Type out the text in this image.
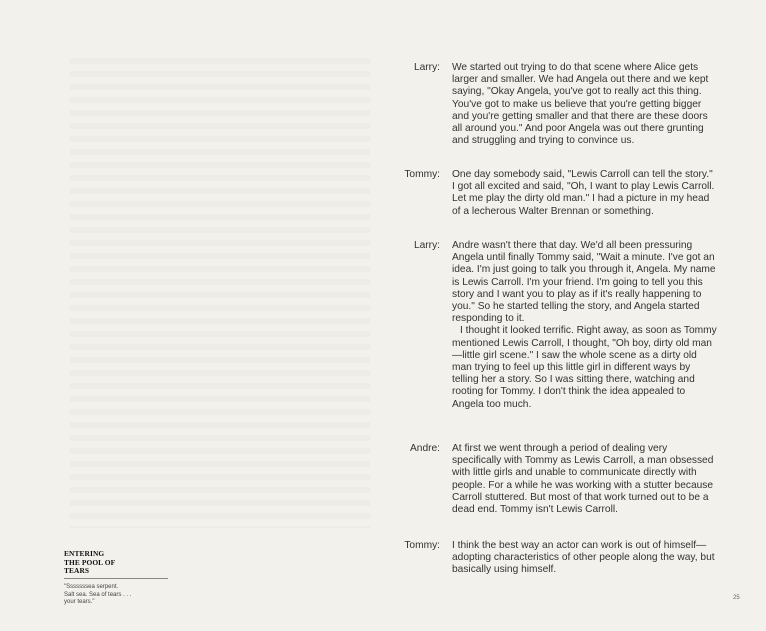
Larry: We started out trying to do that scene where Alice gets larger and smaller. We had Angela out there and we kept saying, "Okay Angela, you've got to really act this thing. You've got to make us believe that you're getting bigger and you're getting smaller and that there are these doors all around you." And poor Angela was out there grunting and struggling and trying to convince us.

Tommy: One day somebody said, "Lewis Carroll can tell the story." I got all excited and said, "Oh, I want to play Lewis Carroll. Let me play the dirty old man." I had a picture in my head of a lecherous Walter Brennan or something.

Larry: Andre wasn't there that day. We'd all been pressuring Angela until finally Tommy said, "Wait a minute. I've got an idea. I'm just going to talk you through it, Angela. My name is Lewis Carroll. I'm your friend. I'm going to tell you this story and I want you to play as if it's really happening to you." So he started telling the story, and Angela started responding to it.
I thought it looked terrific. Right away, as soon as Tommy mentioned Lewis Carroll, I thought, "Oh boy, dirty old man—little girl scene." I saw the whole scene as a dirty old man trying to feel up this little girl in different ways by telling her a story. So I was sitting there, watching and rooting for Tommy. I don't think the idea appealed to Angela too much.
Andre: At first we went through a period of dealing very specifically with Tommy as Lewis Carroll, a man obsessed with little girls and unable to communicate directly with people. For a while he was working with a stutter because Carroll stuttered. But most of that work turned out to be a dead end. Tommy isn't Lewis Carroll.

Tommy: I think the best way an actor can work is out of himself—adopting characteristics of other people along the way, but basically using himself.

ENTERING
THE POOL OF
TEARS
"Sssssssea serpent.
Salt sea. Sea of tears . . .
your tears."
25
